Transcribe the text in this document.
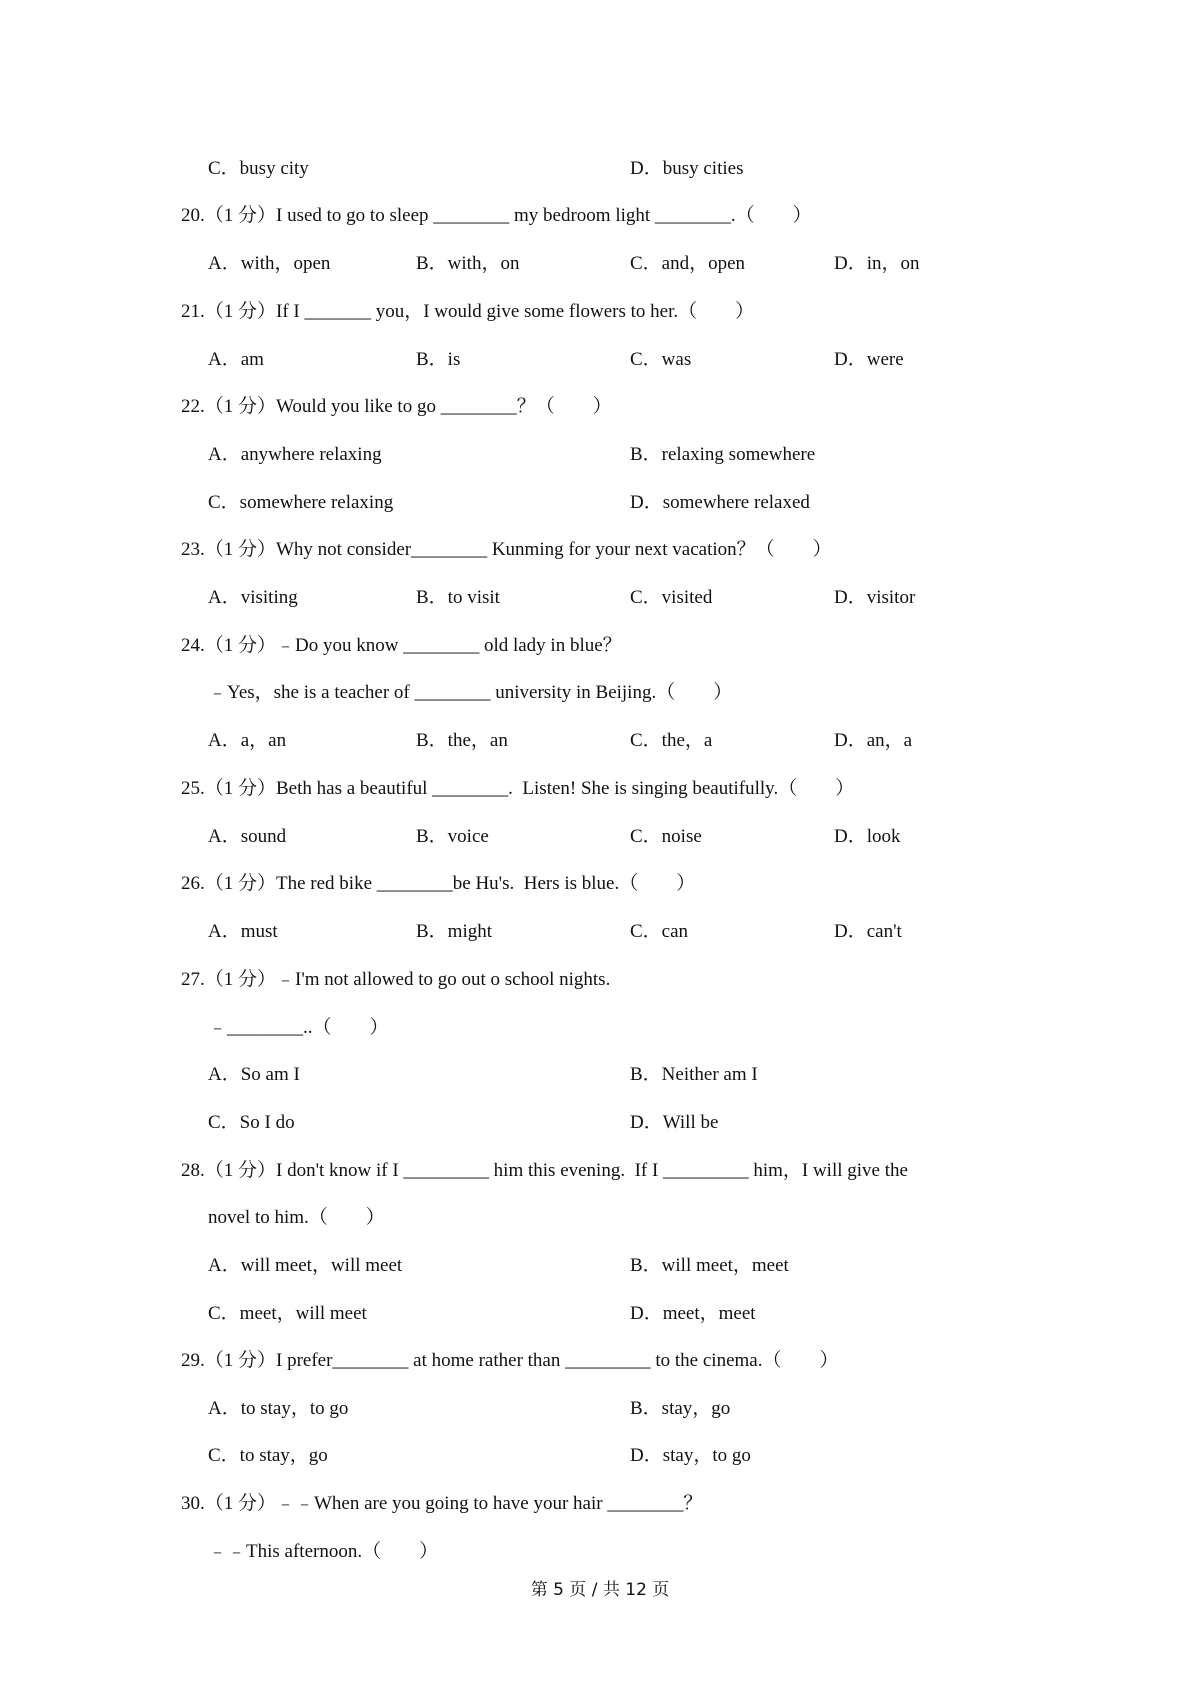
C．busy city	D．busy cities
20.（1 分）I used to go to sleep ________ my bedroom light ________.（　　）
A．with，open	B．with，on	C．and，open	D．in，on
21.（1 分）If I _______ you，I would give some flowers to her.（　　）
A．am	B．is	C．was	D．were
22.（1 分）Would you like to go ________？（　　）
A．anywhere relaxing	B．relaxing somewhere
C．somewhere relaxing	D．somewhere relaxed
23.（1 分）Why not consider________ Kunming for your next vacation？（　　）
A．visiting	B．to visit	C．visited	D．visitor
24.（1 分）﹣Do you know ________ old lady in blue？
﹣Yes，she is a teacher of ________ university in Beijing.（　　）
A．a，an	B．the，an	C．the，a	D．an，a
25.（1 分）Beth has a beautiful ________.  Listen! She is singing beautifully.（　　）
A．sound	B．voice	C．noise	D．look
26.（1 分）The red bike ________be Hu's.  Hers is blue.（　　）
A．must	B．might	C．can	D．can't
27.（1 分）﹣I'm not allowed to go out o school nights.
﹣________..（　　）
A．So am I	B．Neither am I
C．So I do	D．Will be
28.（1 分）I don't know if I _________ him this evening.  If I _________ him，I will give the
novel to him.（　　）
A．will meet，will meet	B．will meet，meet
C．meet，will meet	D．meet，meet
29.（1 分）I prefer________ at home rather than _________ to the cinema.（　　）
A．to stay，to go	B．stay，go
C．to stay，go	D．stay，to go
30.（1 分）﹣﹣When are you going to have your hair ________？
﹣﹣This afternoon.（　　）
第 5 页 / 共 12 页
